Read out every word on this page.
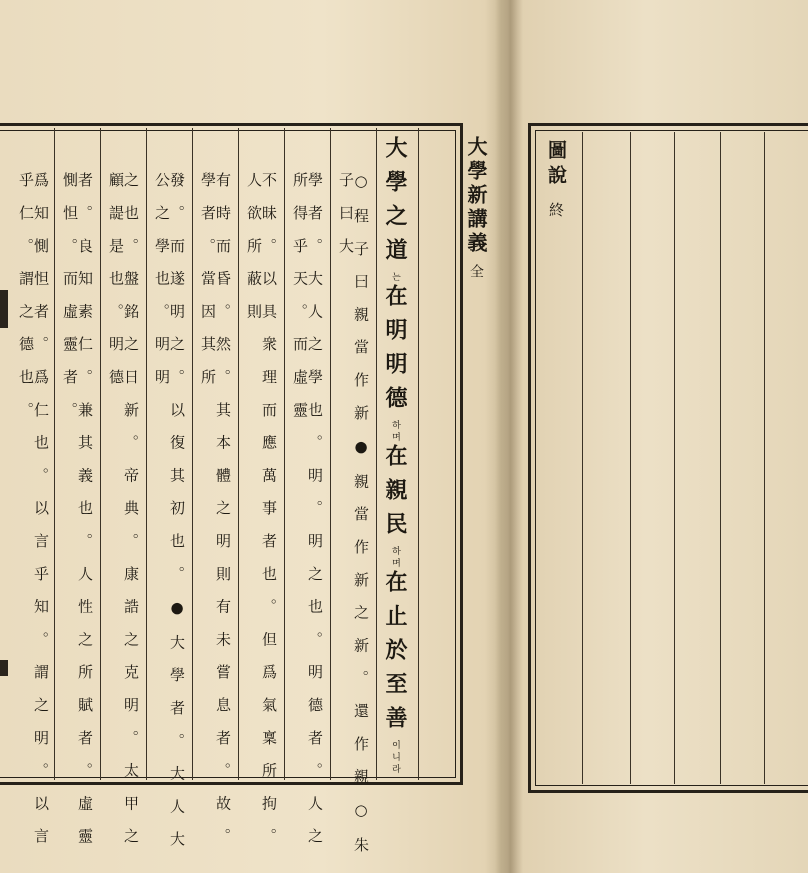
大學新講義全
大學之道는在明明德하며在親民하며在止於至善이니라
○程子曰親當作新●親當作新之新。還作親○朱子曰大
學者。大人之學也。明。明之也。明德者。人之所得乎天。而虛靈
不昧。以具衆理而應萬事者也。但爲氣稟所拘。人欲所蔽則
有時而昏。然。其本體之明則有未嘗息者。故。學者。當因其所
發。而遂明之。以復其初也。●大學者。大人大公之學也。明明
之也。盤銘之日新。帝典。康誥之克明。太甲之顧諟是也。明德
者。良知素仁。兼其義也。人性之所賦者。虛靈惻怛。而虛靈者。
爲知惻怛者。爲仁也。以言乎知。謂之明。以言乎仁。謂之德也。
圖說終
